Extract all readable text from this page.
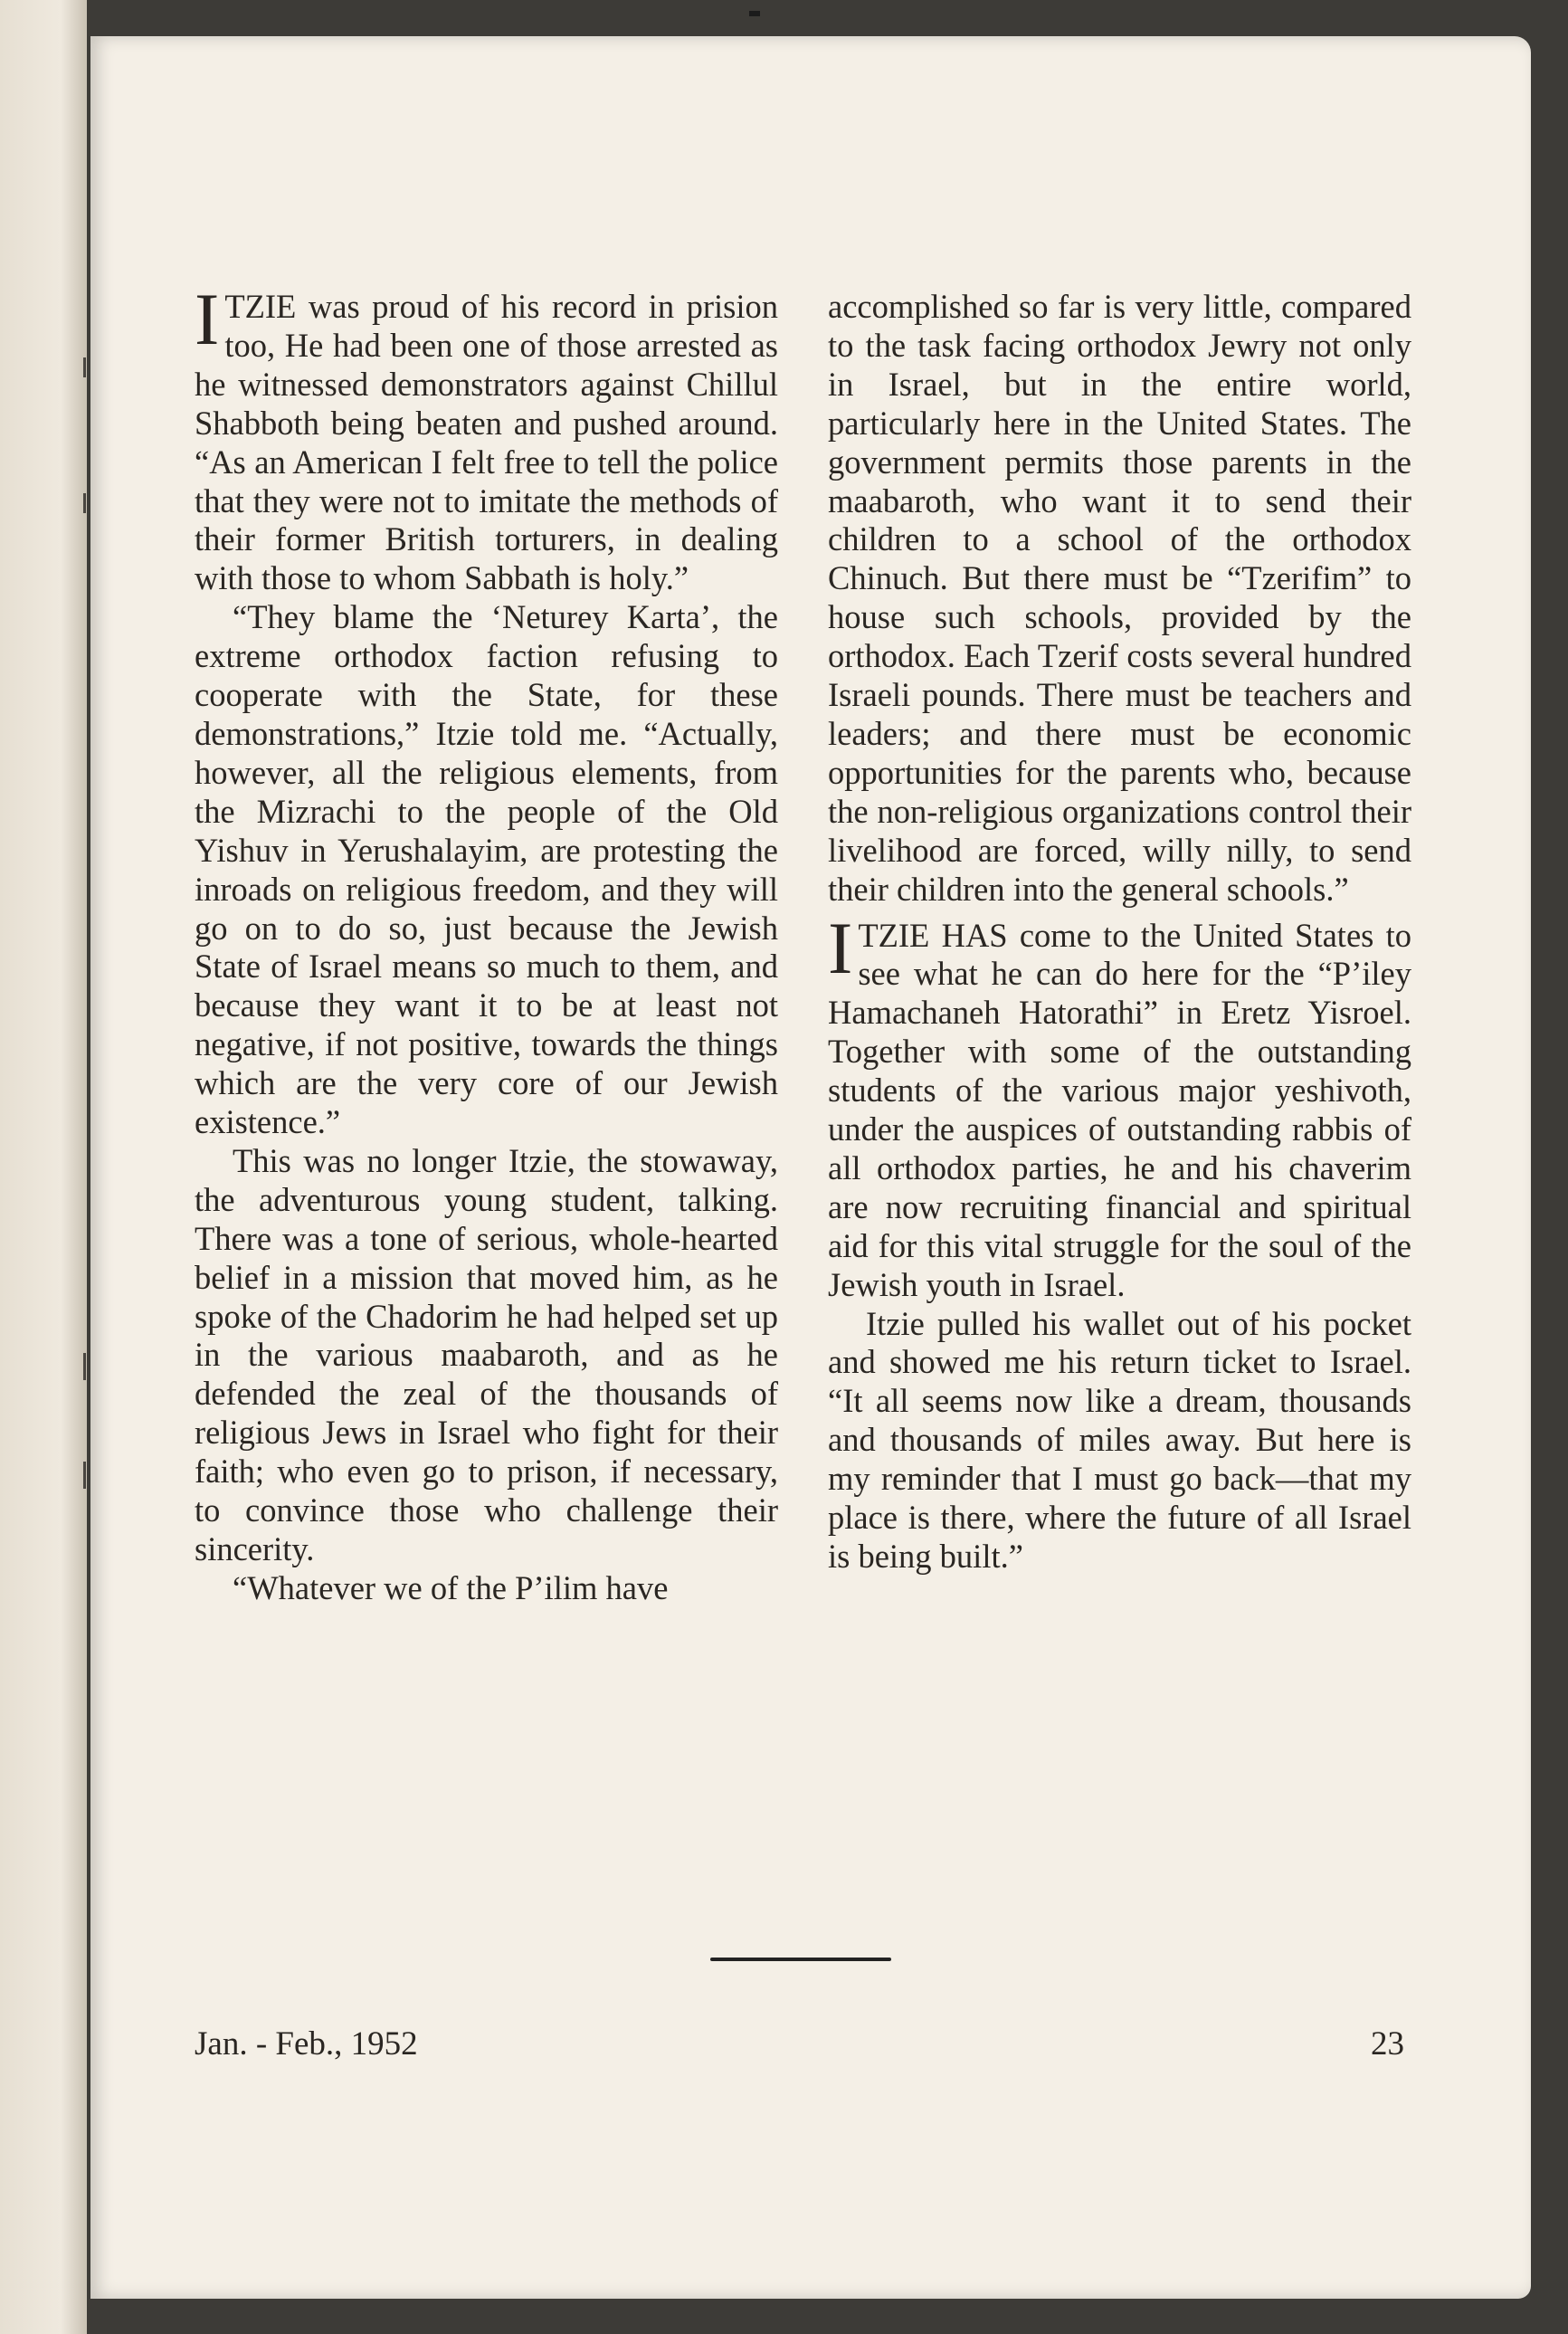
ITZIE was proud of his record in prision too, He had been one of those arrested as he witnessed demonstrators against Chillul Shabboth being beaten and pushed around. “As an American I felt free to tell the police that they were not to imitate the methods of their former British torturers, in dealing with those to whom Sabbath is holy.”

“They blame the ‘Neturey Karta’, the extreme orthodox faction refusing to cooperate with the State, for these demonstrations,” Itzie told me. “Actually, however, all the religious elements, from the Mizrachi to the people of the Old Yishuv in Yerushalayim, are protesting the inroads on religious freedom, and they will go on to do so, just because the Jewish State of Israel means so much to them, and because they want it to be at least not negative, if not positive, towards the things which are the very core of our Jewish existence.”

This was no longer Itzie, the stowaway, the adventurous young student, talking. There was a tone of serious, whole-hearted belief in a mission that moved him, as he spoke of the Chadorim he had helped set up in the various maabaroth, and as he defended the zeal of the thousands of religious Jews in Israel who fight for their faith; who even go to prison, if necessary, to convince those who challenge their sincerity.

“Whatever we of the P’ilim have

accomplished so far is very little, compared to the task facing orthodox Jewry not only in Israel, but in the entire world, particularly here in the United States. The government permits those parents in the maabaroth, who want it to send their children to a school of the orthodox Chinuch. But there must be “Tzerifim” to house such schools, provided by the orthodox. Each Tzerif costs several hundred Israeli pounds. There must be teachers and leaders; and there must be economic opportunities for the parents who, because the non-religious organizations control their livelihood are forced, willy nilly, to send their children into the general schools.”

ITZIE HAS come to the United States to see what he can do here for the “P’iley Hamachaneh Hatorathi” in Eretz Yisroel. Together with some of the outstanding students of the various major yeshivoth, under the auspices of outstanding rabbis of all orthodox parties, he and his chaverim are now recruiting financial and spiritual aid for this vital struggle for the soul of the Jewish youth in Israel.

Itzie pulled his wallet out of his pocket and showed me his return ticket to Israel. “It all seems now like a dream, thousands and thousands of miles away. But here is my reminder that I must go back—that my place is there, where the future of all Israel is being built.”

Jan. - Feb., 1952	23
